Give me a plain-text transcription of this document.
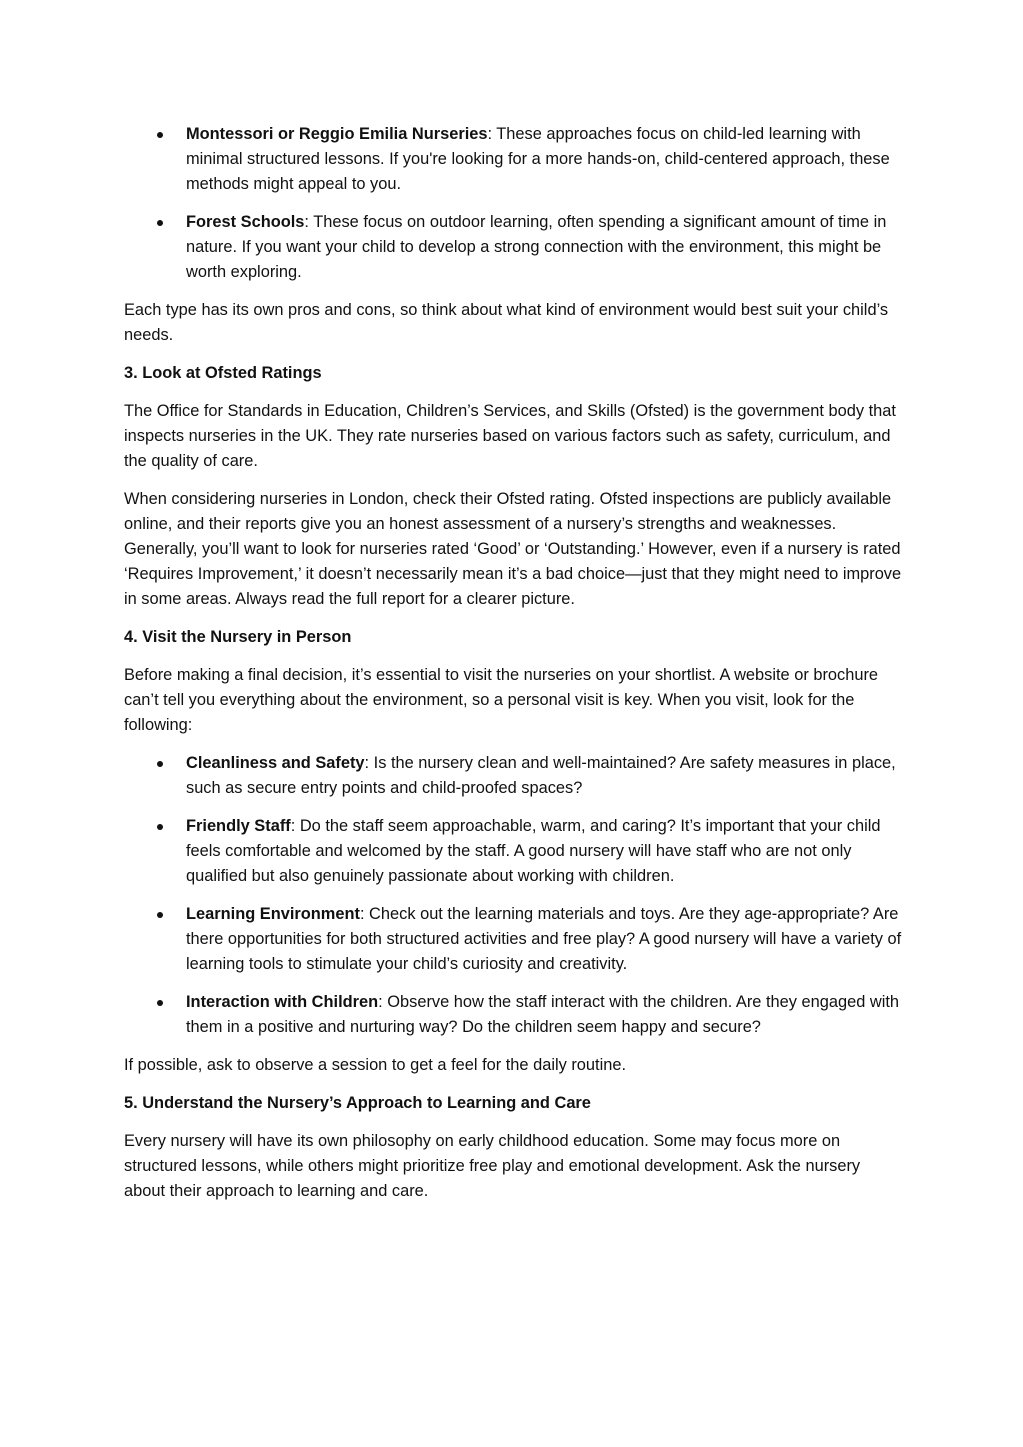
Montessori or Reggio Emilia Nurseries: These approaches focus on child-led learning with minimal structured lessons. If you're looking for a more hands-on, child-centered approach, these methods might appeal to you.
Forest Schools: These focus on outdoor learning, often spending a significant amount of time in nature. If you want your child to develop a strong connection with the environment, this might be worth exploring.

Each type has its own pros and cons, so think about what kind of environment would best suit your child’s needs.

3. Look at Ofsted Ratings

The Office for Standards in Education, Children’s Services, and Skills (Ofsted) is the government body that inspects nurseries in the UK. They rate nurseries based on various factors such as safety, curriculum, and the quality of care.

When considering nurseries in London, check their Ofsted rating. Ofsted inspections are publicly available online, and their reports give you an honest assessment of a nursery’s strengths and weaknesses. Generally, you’ll want to look for nurseries rated ‘Good’ or ‘Outstanding.’ However, even if a nursery is rated ‘Requires Improvement,’ it doesn’t necessarily mean it’s a bad choice—just that they might need to improve in some areas. Always read the full report for a clearer picture.

4. Visit the Nursery in Person

Before making a final decision, it’s essential to visit the nurseries on your shortlist. A website or brochure can’t tell you everything about the environment, so a personal visit is key. When you visit, look for the following:

Cleanliness and Safety: Is the nursery clean and well-maintained? Are safety measures in place, such as secure entry points and child-proofed spaces?
Friendly Staff: Do the staff seem approachable, warm, and caring? It’s important that your child feels comfortable and welcomed by the staff. A good nursery will have staff who are not only qualified but also genuinely passionate about working with children.
Learning Environment: Check out the learning materials and toys. Are they age-appropriate? Are there opportunities for both structured activities and free play? A good nursery will have a variety of learning tools to stimulate your child’s curiosity and creativity.
Interaction with Children: Observe how the staff interact with the children. Are they engaged with them in a positive and nurturing way? Do the children seem happy and secure?

If possible, ask to observe a session to get a feel for the daily routine.

5. Understand the Nursery’s Approach to Learning and Care

Every nursery will have its own philosophy on early childhood education. Some may focus more on structured lessons, while others might prioritize free play and emotional development. Ask the nursery about their approach to learning and care.
